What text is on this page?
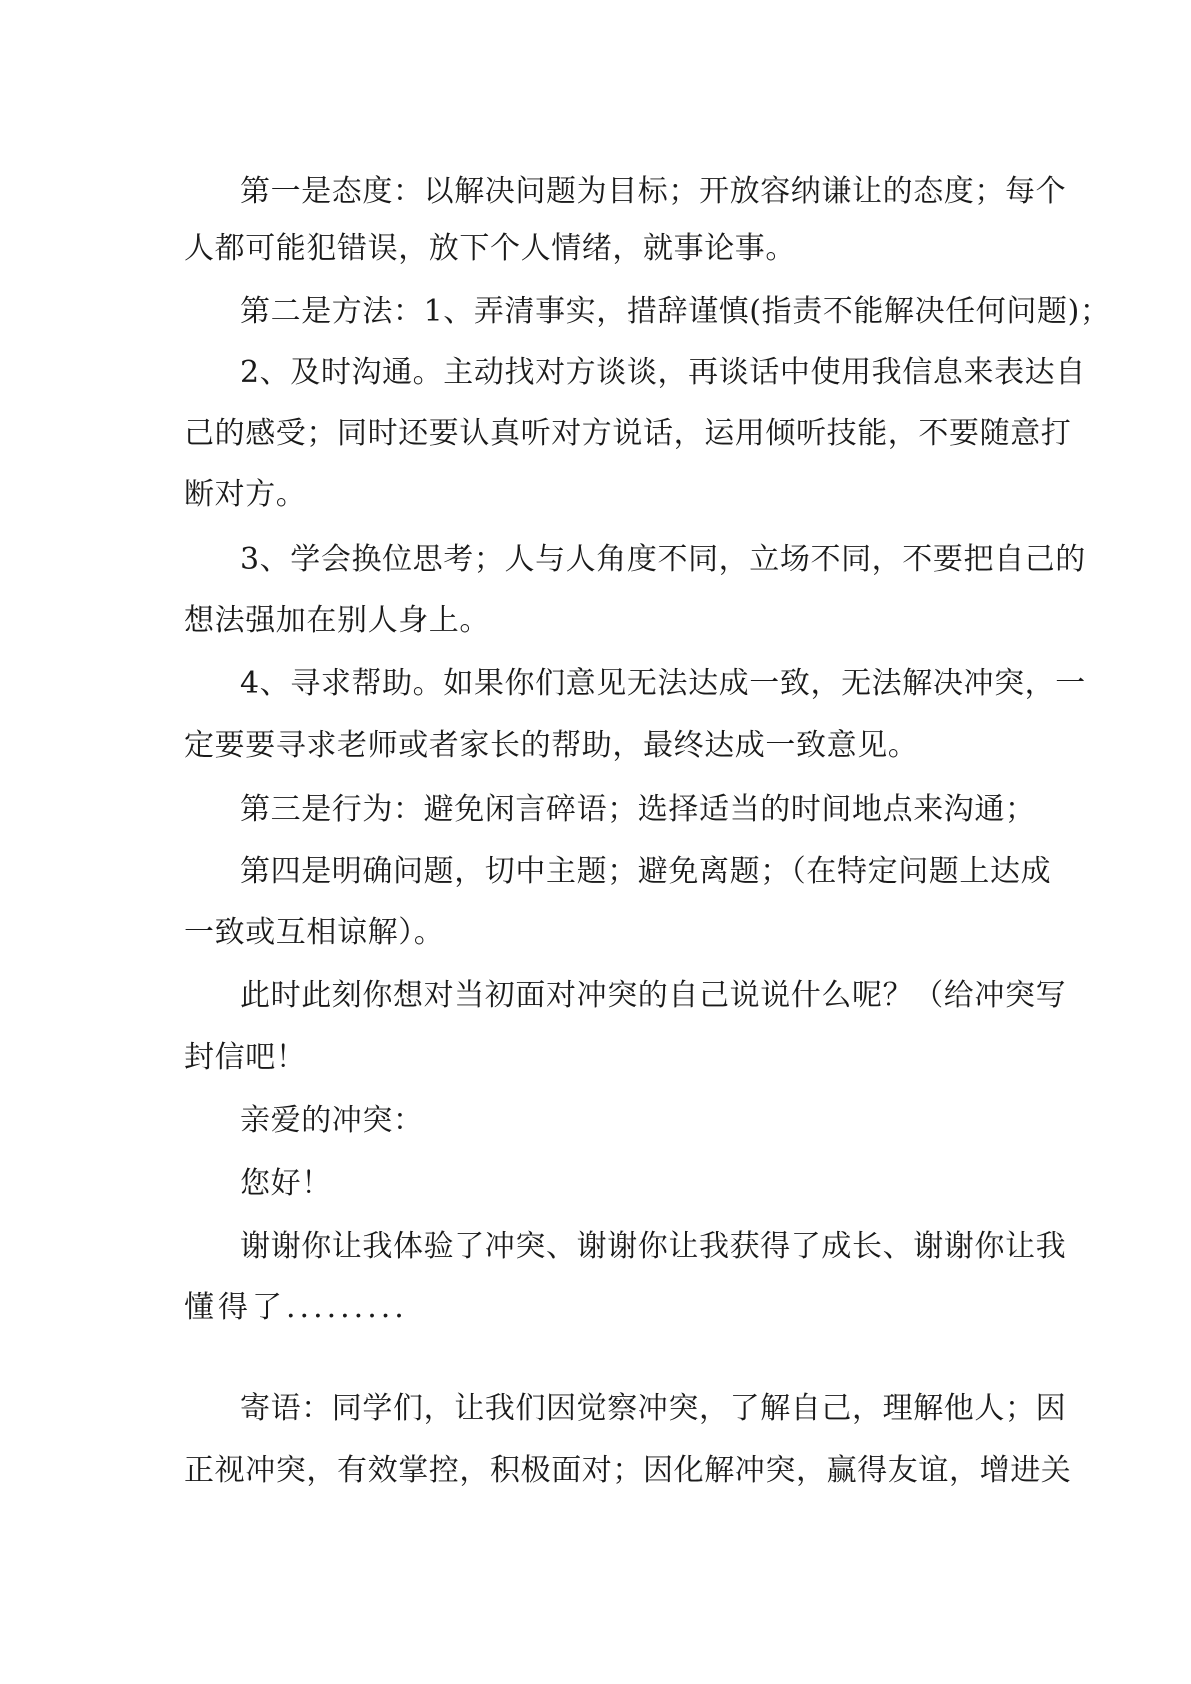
第一是态度：以解决问题为目标；开放容纳谦让的态度；每个

人都可能犯错误，放下个人情绪，就事论事。

第二是方法：1、弄清事实，措辞谨慎(指责不能解决任何问题)；

2、及时沟通。主动找对方谈谈，再谈话中使用我信息来表达自

己的感受；同时还要认真听对方说话，运用倾听技能，不要随意打

断对方。

3、学会换位思考；人与人角度不同，立场不同，不要把自己的

想法强加在别人身上。

4、寻求帮助。如果你们意见无法达成一致，无法解决冲突，一

定要要寻求老师或者家长的帮助，最终达成一致意见。

第三是行为：避免闲言碎语；选择适当的时间地点来沟通；

第四是明确问题，切中主题；避免离题；（在特定问题上达成

一致或互相谅解）。

此时此刻你想对当初面对冲突的自己说说什么呢？（给冲突写

封信吧！

亲爱的冲突：

您好！

谢谢你让我体验了冲突、谢谢你让我获得了成长、谢谢你让我

懂得了.........

寄语：同学们，让我们因觉察冲突，了解自己，理解他人；因

正视冲突，有效掌控，积极面对；因化解冲突，赢得友谊，增进关
